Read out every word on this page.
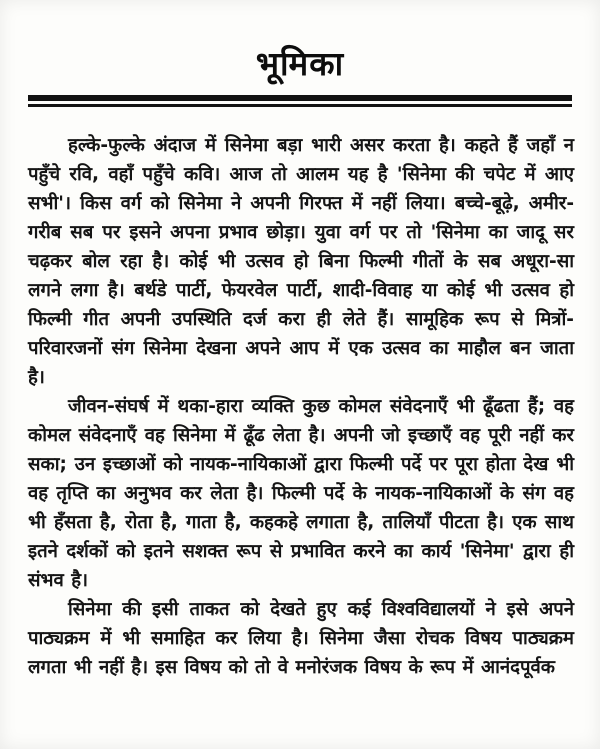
भूमिका

हल्के-फुल्के अंदाज में सिनेमा बड़ा भारी असर करता है। कहते हैं जहाँ न पहुँचे रवि, वहाँ पहुँचे कवि। आज तो आलम यह है 'सिनेमा की चपेट में आए सभी'। किस वर्ग को सिनेमा ने अपनी गिरफ्त में नहीं लिया। बच्चे-बूढ़े, अमीर-गरीब सब पर इसने अपना प्रभाव छोड़ा। युवा वर्ग पर तो 'सिनेमा का जादू सर चढ़कर बोल रहा है। कोई भी उत्सव हो बिना फिल्मी गीतों के सब अधूरा-सा लगने लगा है। बर्थडे पार्टी, फेयरवेल पार्टी, शादी-विवाह या कोई भी उत्सव हो फिल्मी गीत अपनी उपस्थिति दर्ज करा ही लेते हैं। सामूहिक रूप से मित्रों-परिवारजनों संग सिनेमा देखना अपने आप में एक उत्सव का माहौल बन जाता है।

जीवन-संघर्ष में थका-हारा व्यक्ति कुछ कोमल संवेदनाएँ भी ढूँढता हैं; वह कोमल संवेदनाएँ वह सिनेमा में ढूँढ लेता है। अपनी जो इच्छाएँ वह पूरी नहीं कर सका; उन इच्छाओं को नायक-नायिकाओं द्वारा फिल्मी पर्दे पर पूरा होता देख भी वह तृप्ति का अनुभव कर लेता है। फिल्मी पर्दे के नायक-नायिकाओं के संग वह भी हँसता है, रोता है, गाता है, कहकहे लगाता है, तालियाँ पीटता है। एक साथ इतने दर्शकों को इतने सशक्त रूप से प्रभावित करने का कार्य 'सिनेमा' द्वारा ही संभव है।

सिनेमा की इसी ताकत को देखते हुए कई विश्वविद्यालयों ने इसे अपने पाठ्यक्रम में भी समाहित कर लिया है। सिनेमा जैसा रोचक विषय पाठ्यक्रम लगता भी नहीं है। इस विषय को तो वे मनोरंजक विषय के रूप में आनंदपूर्वक
